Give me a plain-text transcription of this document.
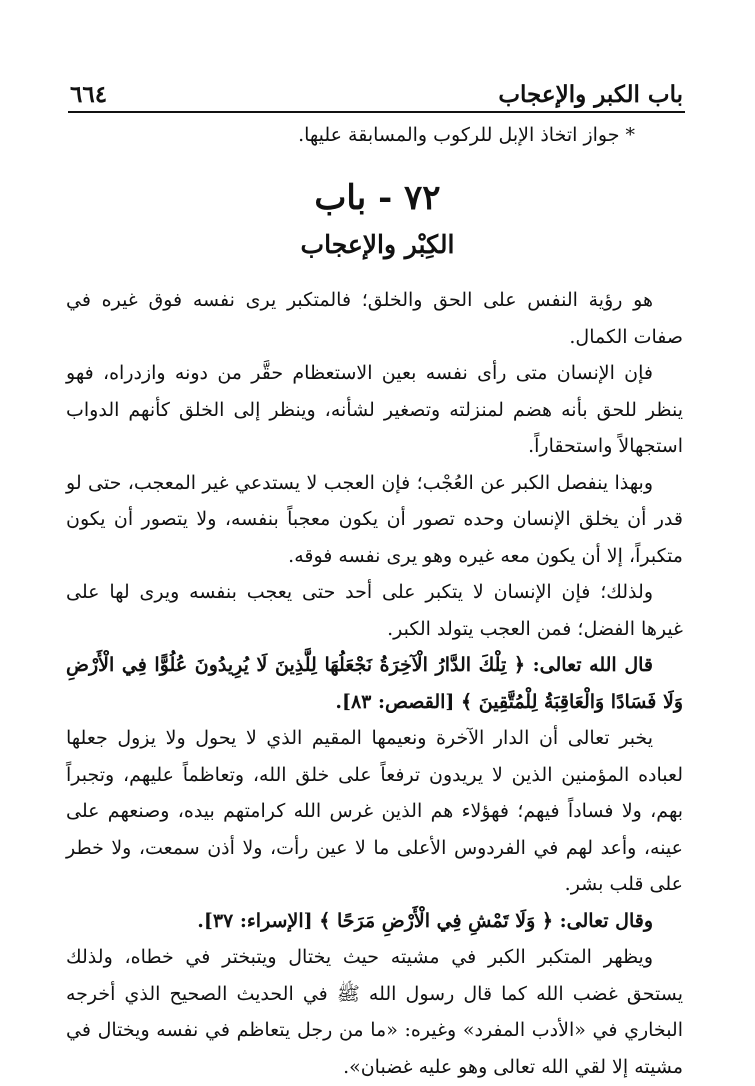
باب الكبر والإعجاب
٦٦٤
* جواز اتخاذ الإبل للركوب والمسابقة عليها.
٧٢ - باب
الكِبْر والإعجاب

هو رؤية النفس على الحق والخلق؛ فالمتكبر يرى نفسه فوق غيره في صفات الكمال.

فإن الإنسان متى رأى نفسه بعين الاستعظام حقَّر من دونه وازدراه، فهو ينظر للحق بأنه هضم لمنزلته وتصغير لشأنه، وينظر إلى الخلق كأنهم الدواب استجهالاً واستحقاراً.

وبهذا ينفصل الكبر عن العُجْب؛ فإن العجب لا يستدعي غير المعجب، حتى لو قدر أن يخلق الإنسان وحده تصور أن يكون معجباً بنفسه، ولا يتصور أن يكون متكبراً، إلا أن يكون معه غيره وهو يرى نفسه فوقه.

ولذلك؛ فإن الإنسان لا يتكبر على أحد حتى يعجب بنفسه ويرى لها على غيرها الفضل؛ فمن العجب يتولد الكبر.

قال الله تعالى: ﴿ تِلْكَ الدَّارُ الْآخِرَةُ نَجْعَلُهَا لِلَّذِينَ لَا يُرِيدُونَ عُلُوًّا فِي الْأَرْضِ وَلَا فَسَادًا وَالْعَاقِبَةُ لِلْمُتَّقِينَ ﴾ [القصص: ٨٣].

يخبر تعالى أن الدار الآخرة ونعيمها المقيم الذي لا يحول ولا يزول جعلها لعباده المؤمنين الذين لا يريدون ترفعاً على خلق الله، وتعاظماً عليهم، وتجبراً بهم، ولا فساداً فيهم؛ فهؤلاء هم الذين غرس الله كرامتهم بيده، وصنعهم على عينه، وأعد لهم في الفردوس الأعلى ما لا عين رأت، ولا أذن سمعت، ولا خطر على قلب بشر.

وقال تعالى: ﴿ وَلَا تَمْشِ فِي الْأَرْضِ مَرَحًا ﴾ [الإسراء: ٣٧].

ويظهر المتكبر الكبر في مشيته حيث يختال ويتبختر في خطاه، ولذلك يستحق غضب الله كما قال رسول الله ﷺ في الحديث الصحيح الذي أخرجه البخاري في «الأدب المفرد» وغيره: «ما من رجل يتعاظم في نفسه ويختال في مشيته إلا لقي الله تعالى وهو عليه غضبان».
